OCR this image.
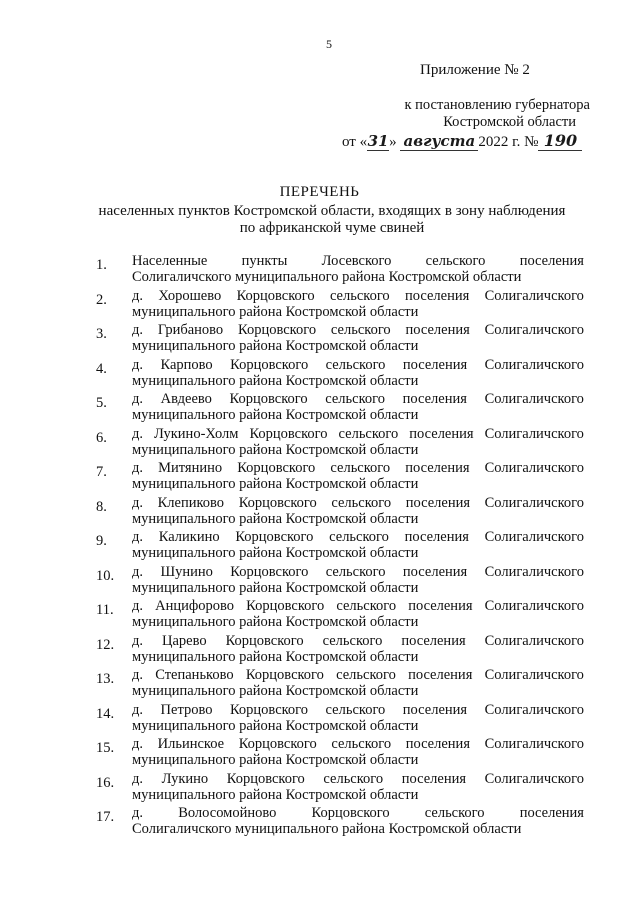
5
Приложение № 2
к постановлению губернатора
Костромской области
от «31» августа 2022 г. № 190
ПЕРЕЧЕНЬ
населенных пунктов Костромской области, входящих в зону наблюдения по африканской чуме свиней
1. Населенные пункты Лосевского сельского поселения
Солигаличского муниципального района Костромской области
2. д. Хорошево Корцовского сельского поселения Солигаличского
муниципального района Костромской области
3. д. Грибаново Корцовского сельского поселения Солигаличского
муниципального района Костромской области
4. д. Карпово Корцовского сельского поселения Солигаличского
муниципального района Костромской области
5. д. Авдеево Корцовского сельского поселения Солигаличского
муниципального района Костромской области
6. д. Лукино-Холм Корцовского сельского поселения Солигаличского
муниципального района Костромской области
7. д. Митянино Корцовского сельского поселения Солигаличского
муниципального района Костромской области
8. д. Клепиково Корцовского сельского поселения Солигаличского
муниципального района Костромской области
9. д. Каликино Корцовского сельского поселения Солигаличского
муниципального района Костромской области
10. д. Шунино Корцовского сельского поселения Солигаличского
муниципального района Костромской области
11. д. Анцифорово Корцовского сельского поселения Солигаличского
муниципального района Костромской области
12. д. Царево Корцовского сельского поселения Солигаличского
муниципального района Костромской области
13. д. Степаньково Корцовского сельского поселения Солигаличского
муниципального района Костромской области
14. д. Петрово Корцовского сельского поселения Солигаличского
муниципального района Костромской области
15. д. Ильинское Корцовского сельского поселения Солигаличского
муниципального района Костромской области
16. д. Лукино Корцовского сельского поселения Солигаличского
муниципального района Костромской области
17. д. Волосомойново Корцовского сельского поселения
Солигаличского муниципального района Костромской области
